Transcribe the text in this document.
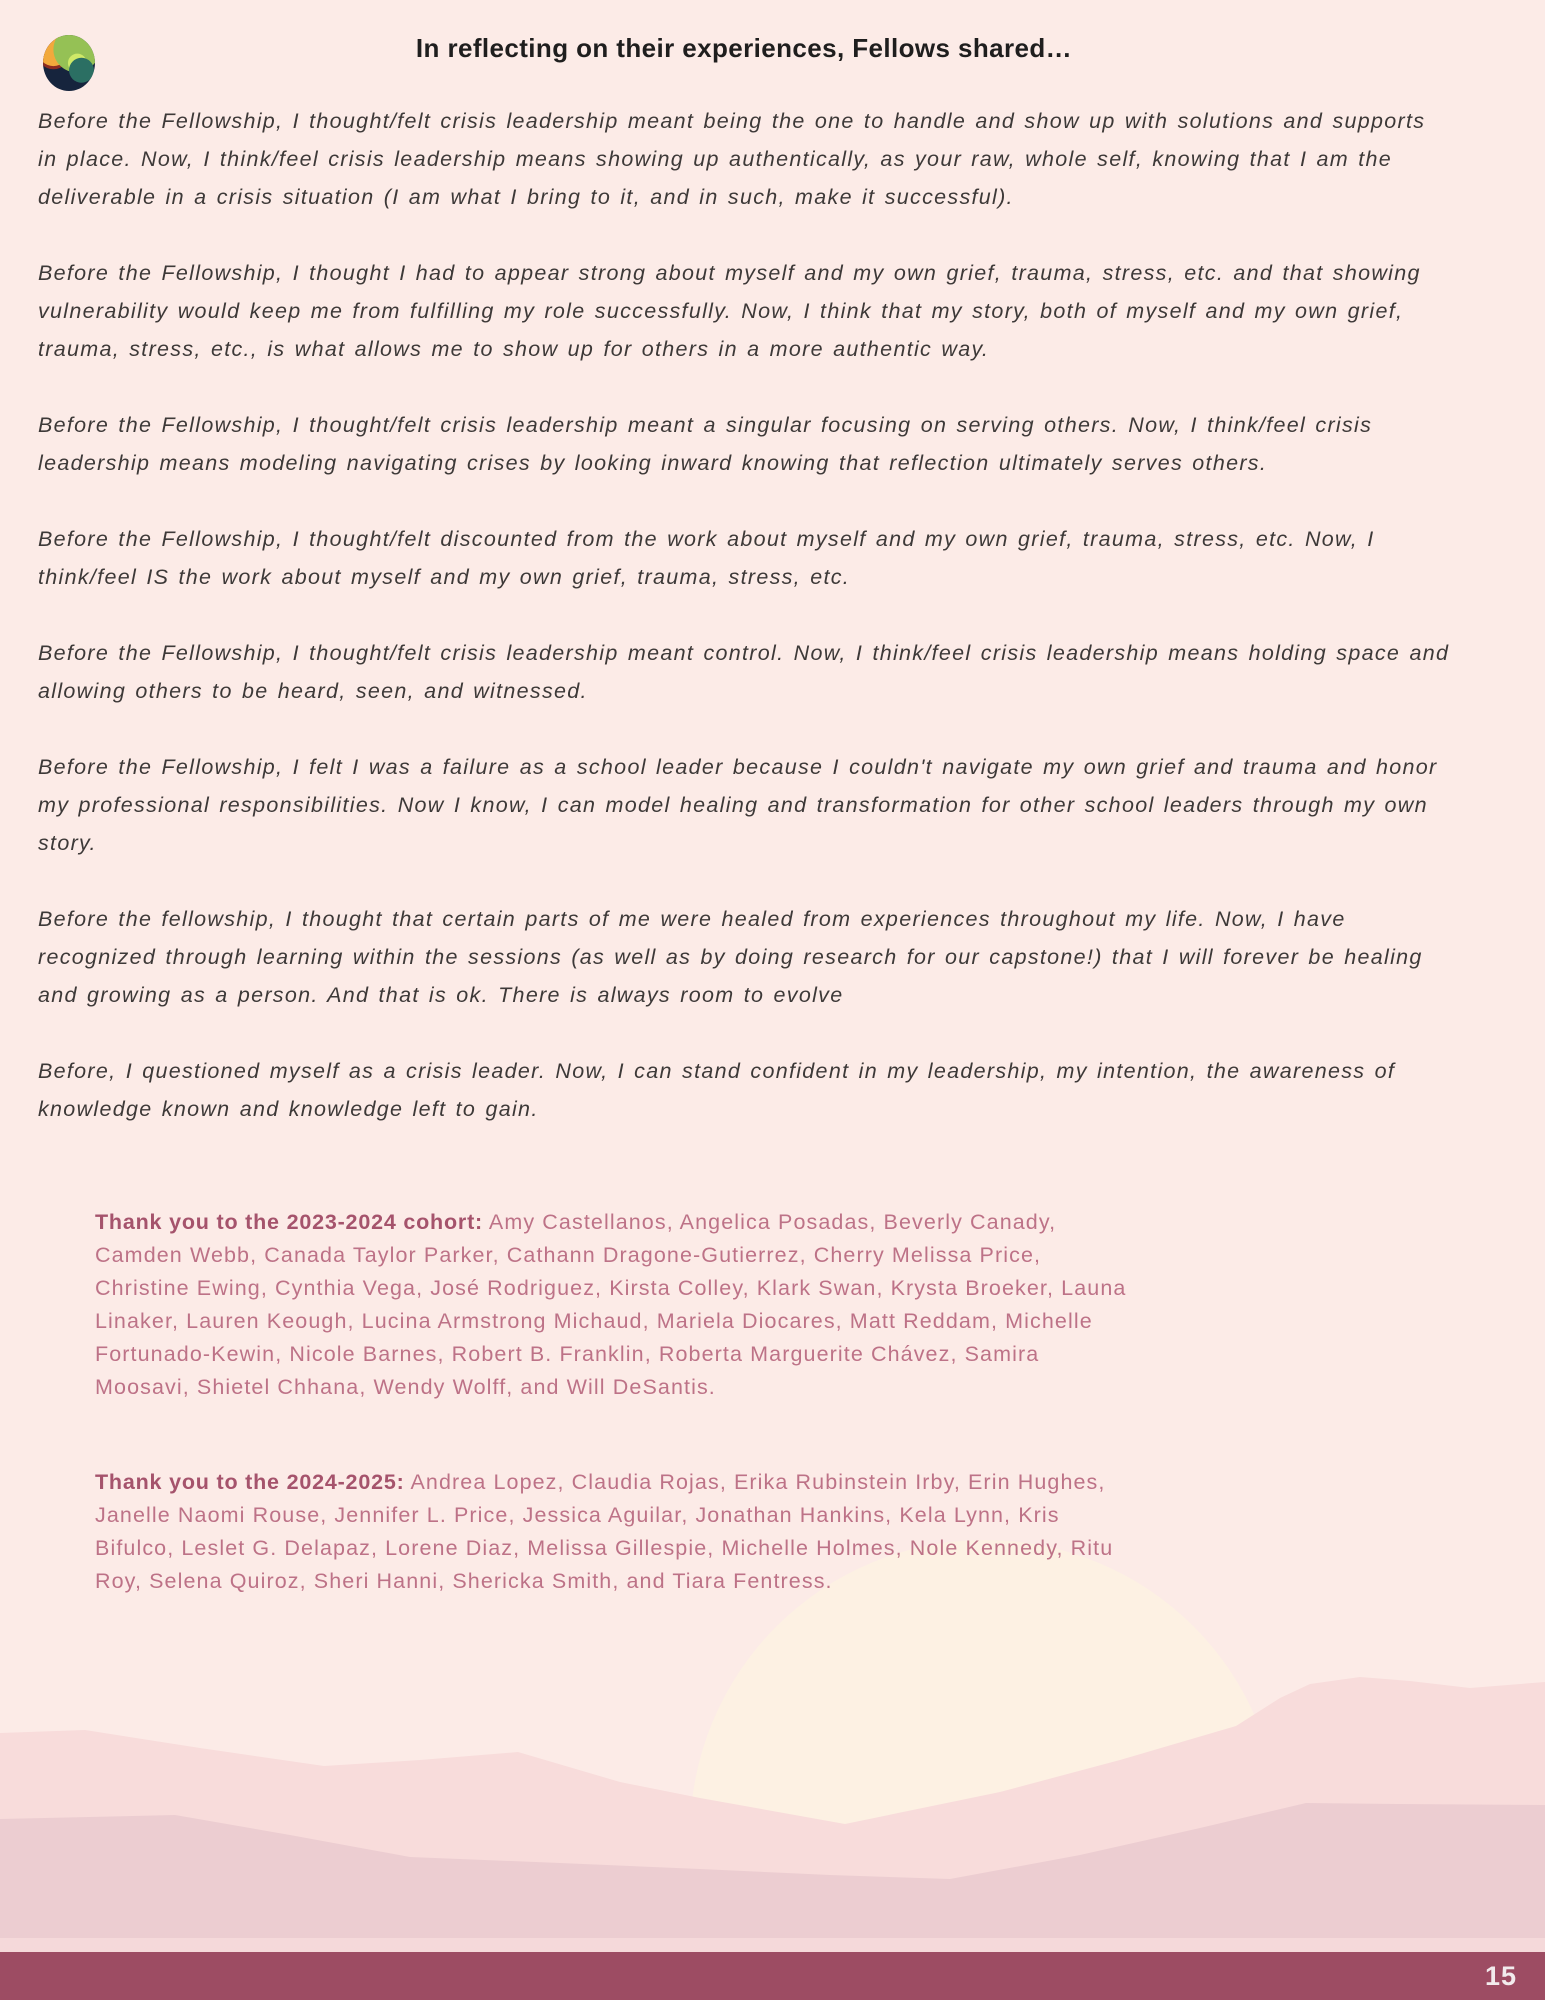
In reflecting on their experiences, Fellows shared…

Before the Fellowship, I thought/felt crisis leadership meant being the one to handle and show up with solutions and supports in place. Now, I think/feel crisis leadership means showing up authentically, as your raw, whole self, knowing that I am the deliverable in a crisis situation (I am what I bring to it, and in such, make it successful).

Before the Fellowship, I thought I had to appear strong about myself and my own grief, trauma, stress, etc. and that showing vulnerability would keep me from fulfilling my role successfully. Now, I think that my story, both of myself and my own grief, trauma, stress, etc., is what allows me to show up for others in a more authentic way.

Before the Fellowship, I thought/felt crisis leadership meant a singular focusing on serving others. Now, I think/feel crisis leadership means modeling navigating crises by looking inward knowing that reflection ultimately serves others.

Before the Fellowship, I thought/felt discounted from the work about myself and my own grief, trauma, stress, etc. Now, I think/feel IS the work about myself and my own grief, trauma, stress, etc.

Before the Fellowship, I thought/felt crisis leadership meant control. Now, I think/feel crisis leadership means holding space and allowing others to be heard, seen, and witnessed.

Before the Fellowship, I felt I was a failure as a school leader because I couldn't navigate my own grief and trauma and honor my professional responsibilities. Now I know, I can model healing and transformation for other school leaders through my own story.

Before the fellowship, I thought that certain parts of me were healed from experiences throughout my life. Now, I have recognized through learning within the sessions (as well as by doing research for our capstone!) that I will forever be healing and growing as a person. And that is ok. There is always room to evolve

Before, I questioned myself as a crisis leader. Now, I can stand confident in my leadership, my intention, the awareness of knowledge known and knowledge left to gain.

Thank you to the 2023-2024 cohort: Amy Castellanos, Angelica Posadas, Beverly Canady, Camden Webb, Canada Taylor Parker, Cathann Dragone-Gutierrez, Cherry Melissa Price, Christine Ewing, Cynthia Vega, José Rodriguez, Kirsta Colley, Klark Swan, Krysta Broeker, Launa Linaker, Lauren Keough, Lucina Armstrong Michaud, Mariela Diocares, Matt Reddam, Michelle Fortunado-Kewin, Nicole Barnes, Robert B. Franklin, Roberta Marguerite Chávez, Samira Moosavi, Shietel Chhana, Wendy Wolff, and Will DeSantis.

Thank you to the 2024-2025: Andrea Lopez, Claudia Rojas, Erika Rubinstein Irby, Erin Hughes, Janelle Naomi Rouse, Jennifer L. Price, Jessica Aguilar, Jonathan Hankins, Kela Lynn, Kris Bifulco, Leslet G. Delapaz, Lorene Diaz, Melissa Gillespie, Michelle Holmes, Nole Kennedy, Ritu Roy, Selena Quiroz, Sheri Hanni, Shericka Smith, and Tiara Fentress.

15
